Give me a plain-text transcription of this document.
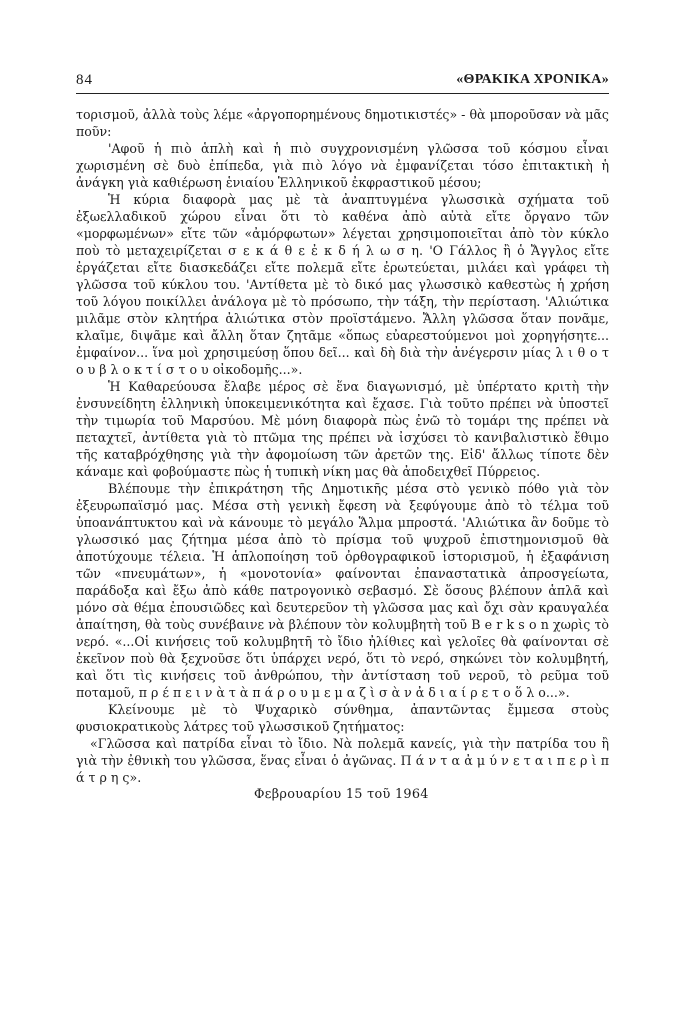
84	«ΘΡΑΚΙΚΑ ΧΡΟΝΙΚΑ»

τορισμοῦ, ἀλλὰ τοὺς λέμε «ἀργοπορημένους δημοτικιστές» - θὰ μποροῦσαν νὰ μᾶς ποῦν:

'Αφοῦ ἡ πιὸ ἁπλὴ καὶ ἡ πιὸ συγχρονισμένη γλῶσσα τοῦ κόσμου εἶναι χωρισμένη σὲ δυὸ ἐπίπεδα, γιὰ πιὸ λόγο νὰ ἐμφανίζεται τόσο ἐπιτακτικὴ ἡ ἀνάγκη γιὰ καθιέρωση ἑνιαίου Ἑλληνικοῦ ἐκφραστικοῦ μέσου;

Ἡ κύρια διαφορὰ μας μὲ τὰ ἀναπτυγμένα γλωσσικὰ σχήματα τοῦ ἐξωελλαδικοῦ χώρου εἶναι ὅτι τὸ καθένα ἀπὸ αὐτὰ εἴτε ὄργανο τῶν «μορφωμένων» εἴτε τῶν «ἀμόρφωτων» λέγεται χρησιμοποιεῖται ἀπὸ τὸν κύκλο ποὺ τὸ μεταχειρίζεται σ ε κ ά θ ε ἐ κ δ ή λ ω σ η. 'Ο Γάλλος ἢ ὁ Ἄγγλος εἴτε ἐργάζεται εἴτε διασκεδάζει εἴτε πολεμᾶ εἴτε ἐρωτεύεται, μιλάει καὶ γράφει τὴ γλῶσσα τοῦ κύκλου του. 'Αντίθετα μὲ τὸ δικό μας γλωσσικὸ καθεστὼς ἡ χρήση τοῦ λόγου ποικίλλει ἀνάλογα μὲ τὸ πρόσωπο, τὴν τάξη, τὴν περίσταση. 'Αλιώτικα μιλᾶμε στὸν κλητήρα ἀλιώτικα στὸν προϊστάμενο. Ἄλλη γλῶσσα ὅταν πονᾶμε, κλαῖμε, διψᾶμε καὶ ἄλλη ὅταν ζητᾶμε «ὅπως εὐαρεστούμενοι μοὶ χορηγήσητε... ἐμφαίνον... ἵνα μοὶ χρησιμεύσῃ ὅπου δεῖ... καὶ δὴ διὰ τὴν ἀνέγερσιν μίας λ ι θ ο τ ο υ β λ ο κ τ ί σ τ ο υ οἰκοδομῆς...».

Ἡ Καθαρεύουσα ἔλαβε μέρος σὲ ἕνα διαγωνισμό, μὲ ὑπέρτατο κριτὴ τὴν ἐνσυνείδητη ἑλληνικὴ ὑποκειμενικότητα καὶ ἔχασε. Γιὰ τοῦτο πρέπει νὰ ὑποστεῖ τὴν τιμωρία τοῦ Μαρσύου. Μὲ μόνη διαφορὰ πὼς ἐνῶ τὸ τομάρι της πρέπει νὰ πεταχτεῖ, ἀντίθετα γιὰ τὸ πτῶμα της πρέπει νὰ ἰσχύσει τὸ κανιβαλιστικὸ ἔθιμο τῆς καταβρόχθησης γιὰ τὴν ἀφομοίωση τῶν ἀρετῶν της. Εἰδ' ἄλλως τίποτε δὲν κάναμε καὶ φοβούμαστε πὼς ἡ τυπικὴ νίκη μας θὰ ἀποδειχθεῖ Πύρρειος.

Βλέπουμε τὴν ἐπικράτηση τῆς Δημοτικῆς μέσα στὸ γενικὸ πόθο γιὰ τὸν ἐξευρωπαϊσμό μας. Μέσα στὴ γενικὴ ἔφεση νὰ ξεφύγουμε ἀπὸ τὸ τέλμα τοῦ ὑποανάπτυκτου καὶ νὰ κάνουμε τὸ μεγάλο Ἅλμα μπροστά. 'Αλιώτικα ἂν δοῦμε τὸ γλωσσικό μας ζήτημα μέσα ἀπὸ τὸ πρίσμα τοῦ ψυχροῦ ἐπιστημονισμοῦ θὰ ἀποτύχουμε τέλεια. Ἡ ἁπλοποίηση τοῦ ὀρθογραφικοῦ ἱστορισμοῦ, ἡ ἐξαφάνιση τῶν «πνευμάτων», ἡ «μονοτονία» φαίνονται ἐπαναστατικὰ ἀπροσγείωτα, παράδοξα καὶ ἔξω ἀπὸ κάθε πατρογονικὸ σεβασμό. Σὲ ὅσους βλέπουν ἁπλᾶ καὶ μόνο σὰ θέμα ἐπουσιῶδες καὶ δευτερεῦον τὴ γλῶσσα μας καὶ ὄχι σὰν κραυγαλέα ἀπαίτηση, θὰ τοὺς συνέβαινε νὰ βλέπουν τὸν κολυμβητὴ τοῦ B e r k s o n χωρὶς τὸ νερό. «...Οἱ κινήσεις τοῦ κολυμβητῆ τὸ ἴδιο ἠλίθιες καὶ γελοῖες θὰ φαίνονται σὲ ἐκεῖνον ποὺ θὰ ξεχνοῦσε ὅτι ὑπάρχει νερό, ὅτι τὸ νερό, σηκώνει τὸν κολυμβητή, καὶ ὅτι τὶς κινήσεις τοῦ ἀνθρώπου, τὴν ἀντίσταση τοῦ νεροῦ, τὸ ρεῦμα τοῦ ποταμοῦ, π ρ έ π ε ι ν ὰ τ ὰ π ά ρ ο υ μ ε μ α ζ ὶ σ ὰ ν ἀ δ ι α ί ρ ε τ ο ὅ λ ο...».

Κλείνουμε μὲ τὸ Ψυχαρικὸ σύνθημα, ἀπαντῶντας ἔμμεσα στοὺς φυσιοκρατικοὺς λάτρες τοῦ γλωσσικοῦ ζητήματος:

«Γλῶσσα καὶ πατρίδα εἶναι τὸ ἴδιο. Νὰ πολεμᾶ κανείς, γιὰ τὴν πατρίδα του ἢ γιὰ τὴν ἐθνικὴ του γλῶσσα, ἕνας εἶναι ὁ ἀγῶνας. Π ά ν τ α ἀ μ ύ ν ε τ α ι π ε ρ ὶ π ά τ ρ η ς».

Φεβρουαρίου 15 τοῦ 1964
